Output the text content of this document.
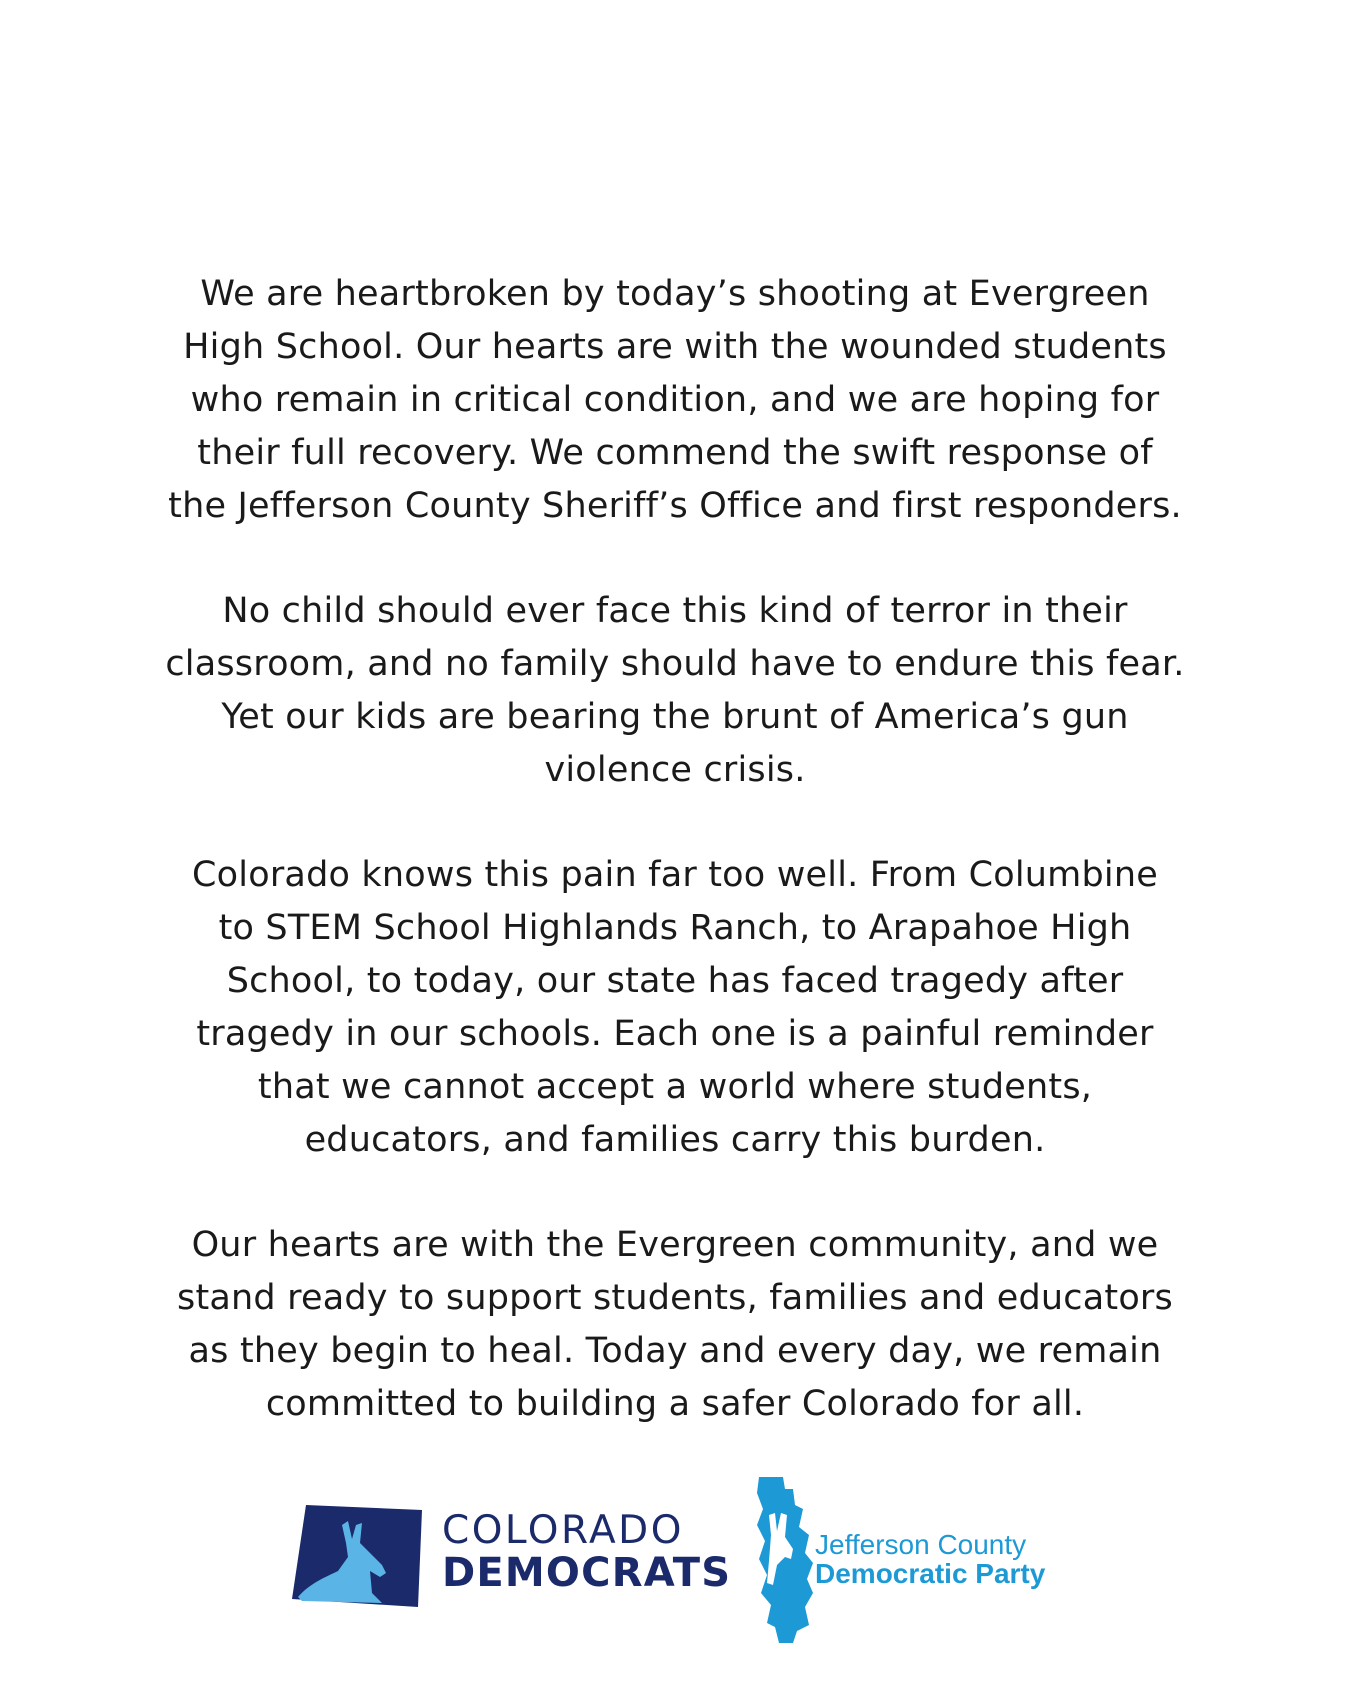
We are heartbroken by today’s shooting at Evergreen
High School. Our hearts are with the wounded students
who remain in critical condition, and we are hoping for
their full recovery. We commend the swift response of
the Jefferson County Sheriff’s Office and first responders.

No child should ever face this kind of terror in their
classroom, and no family should have to endure this fear.
Yet our kids are bearing the brunt of America’s gun
violence crisis.

Colorado knows this pain far too well. From Columbine
to STEM School Highlands Ranch, to Arapahoe High
School, to today, our state has faced tragedy after
tragedy in our schools. Each one is a painful reminder
that we cannot accept a world where students,
educators, and families carry this burden.

Our hearts are with the Evergreen community, and we
stand ready to support students, families and educators
as they begin to heal. Today and every day, we remain
committed to building a safer Colorado for all.

COLORADO
DEMOCRATS
Jefferson County
Democratic Party
